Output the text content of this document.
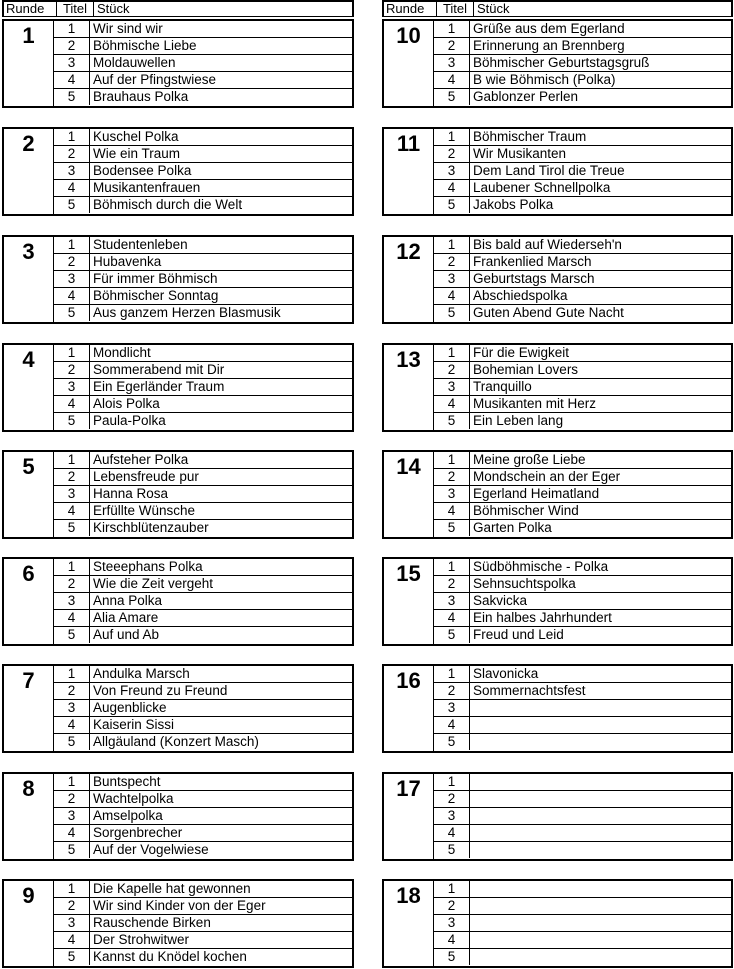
Runde	Titel Stück
1	1	Wir sind wir
2	Böhmische Liebe
3	Moldauwellen
4	Auf der Pfingstwiese
5	Brauhaus Polka
2	1	Kuschel Polka
2	Wie ein Traum
3	Bodensee Polka
4	Musikantenfrauen
5	Böhmisch durch die Welt
3	1	Studentenleben
2	Hubavenka
3	Für immer Böhmisch
4	Böhmischer Sonntag
5	Aus ganzem Herzen Blasmusik
4	1	Mondlicht
2	Sommerabend mit Dir
3	Ein Egerländer Traum
4	Alois Polka
5	Paula-Polka
5	1	Aufsteher Polka
2	Lebensfreude pur
3	Hanna Rosa
4	Erfüllte Wünsche
5	Kirschblütenzauber
6	1	Steeephans Polka
2	Wie die Zeit vergeht
3	Anna Polka
4	Alia Amare
5	Auf und Ab
7	1	Andulka Marsch
2	Von Freund zu Freund
3	Augenblicke
4	Kaiserin Sissi
5	Allgäuland (Konzert Masch)
8	1	Buntspecht
2	Wachtelpolka
3	Amselpolka
4	Sorgenbrecher
5	Auf der Vogelwiese
9	1	Die Kapelle hat gewonnen
2	Wir sind Kinder von der Eger
3	Rauschende Birken
4	Der Strohwitwer
5	Kannst du Knödel kochen
Runde	Titel Stück
10	1	Grüße aus dem Egerland
2	Erinnerung an Brennberg
3	Böhmischer Geburtstagsgruß
4	B wie Böhmisch (Polka)
5	Gablonzer Perlen
11	1	Böhmischer Traum
2	Wir Musikanten
3	Dem Land Tirol die Treue
4	Laubener Schnellpolka
5	Jakobs Polka
12	1	Bis bald auf Wiederseh'n
2	Frankenlied Marsch
3	Geburtstags Marsch
4	Abschiedspolka
5	Guten Abend Gute Nacht
13	1	Für die Ewigkeit
2	Bohemian Lovers
3	Tranquillo
4	Musikanten mit Herz
5	Ein Leben lang
14	1	Meine große Liebe
2	Mondschein an der Eger
3	Egerland Heimatland
4	Böhmischer Wind
5	Garten Polka
15	1	Südböhmische - Polka
2	Sehnsuchtspolka
3	Sakvicka
4	Ein halbes Jahrhundert
5	Freud und Leid
16	1	Slavonicka
2	Sommernachtsfest
3
4
5
17	1
2
3
4
5
18	1
2
3
4
5
